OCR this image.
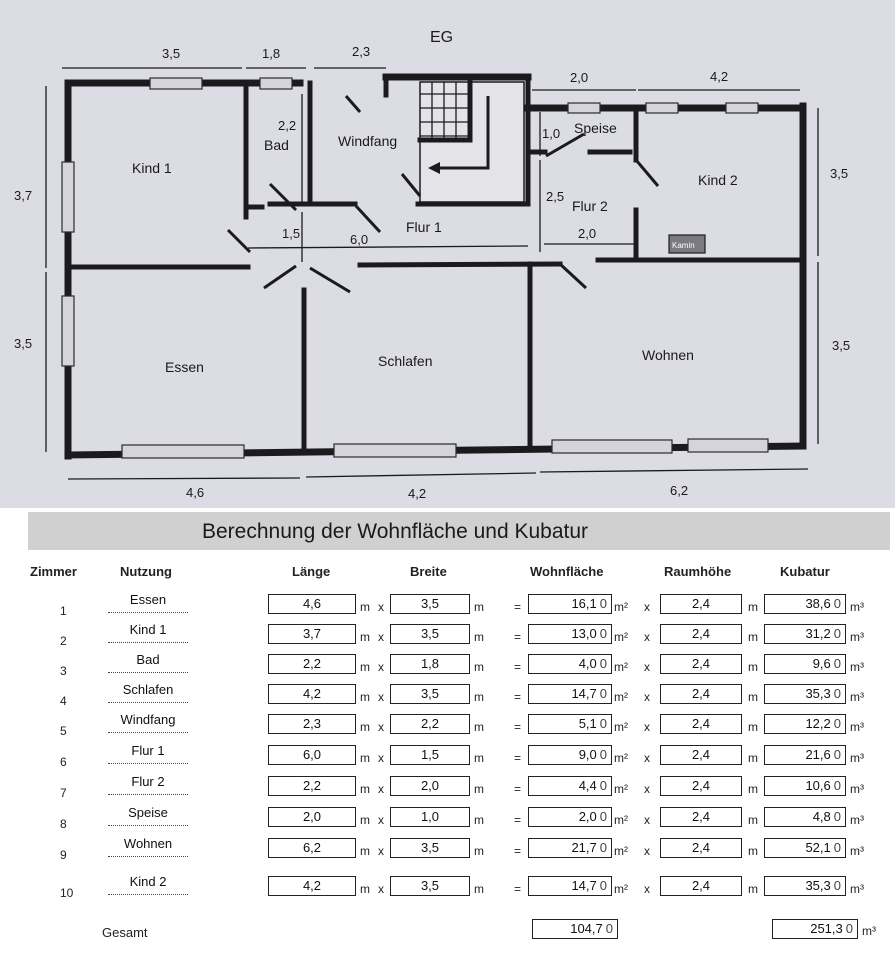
EG
Kind 1
Bad	Windfang
Speise
Kind 2
Flur 1
Flur 2
Essen	Schlafen	Wohnen
Kamin
3,5	1,8	2,3
2,0	4,2
3,7
3,5
3,5
3,5
2,2
1,0
2,5
1,5	6,0	2,0
4,6	4,2	6,2
Berechnung der Wohnfläche und Kubatur
Zimmer	Nutzung	Länge	Breite	Wohnfläche	Raumhöhe	Kubatur
1
Essen	4,6	m x	3,5	m	=	16,1 0 m² x	2,4	m	38,6 0 m³
2
Kind 1	3,7	m x	3,5	m	=	13,0 0 m² x	2,4	m	31,2 0 m³
3
Bad	2,2	m x	1,8	m	=	4,0 0 m² x	2,4	m	9,6 0 m³
4
Schlafen	4,2	m x	3,5	m	=	14,7 0 m² x	2,4	m	35,3 0 m³
5
Windfang	2,3	m x	2,2	m	=	5,1 0 m² x	2,4	m	12,2 0 m³
6
Flur 1	6,0	m x	1,5	m	=	9,0 0 m² x	2,4	m	21,6 0 m³
7
Flur 2	2,2	m x	2,0	m	=	4,4 0 m² x	2,4	m	10,6 0 m³
8
Speise	2,0	m x	1,0	m	=	2,0 0 m² x	2,4	m	4,8 0 m³
9
Wohnen	6,2	m x	3,5	m	=	21,7 0 m² x	2,4	m	52,1 0 m³
10
Kind 2	4,2	m x	3,5	m	=	14,7 0 m² x	2,4	m	35,3 0 m³
Gesamt	104,7 0	251,3 0 m³
